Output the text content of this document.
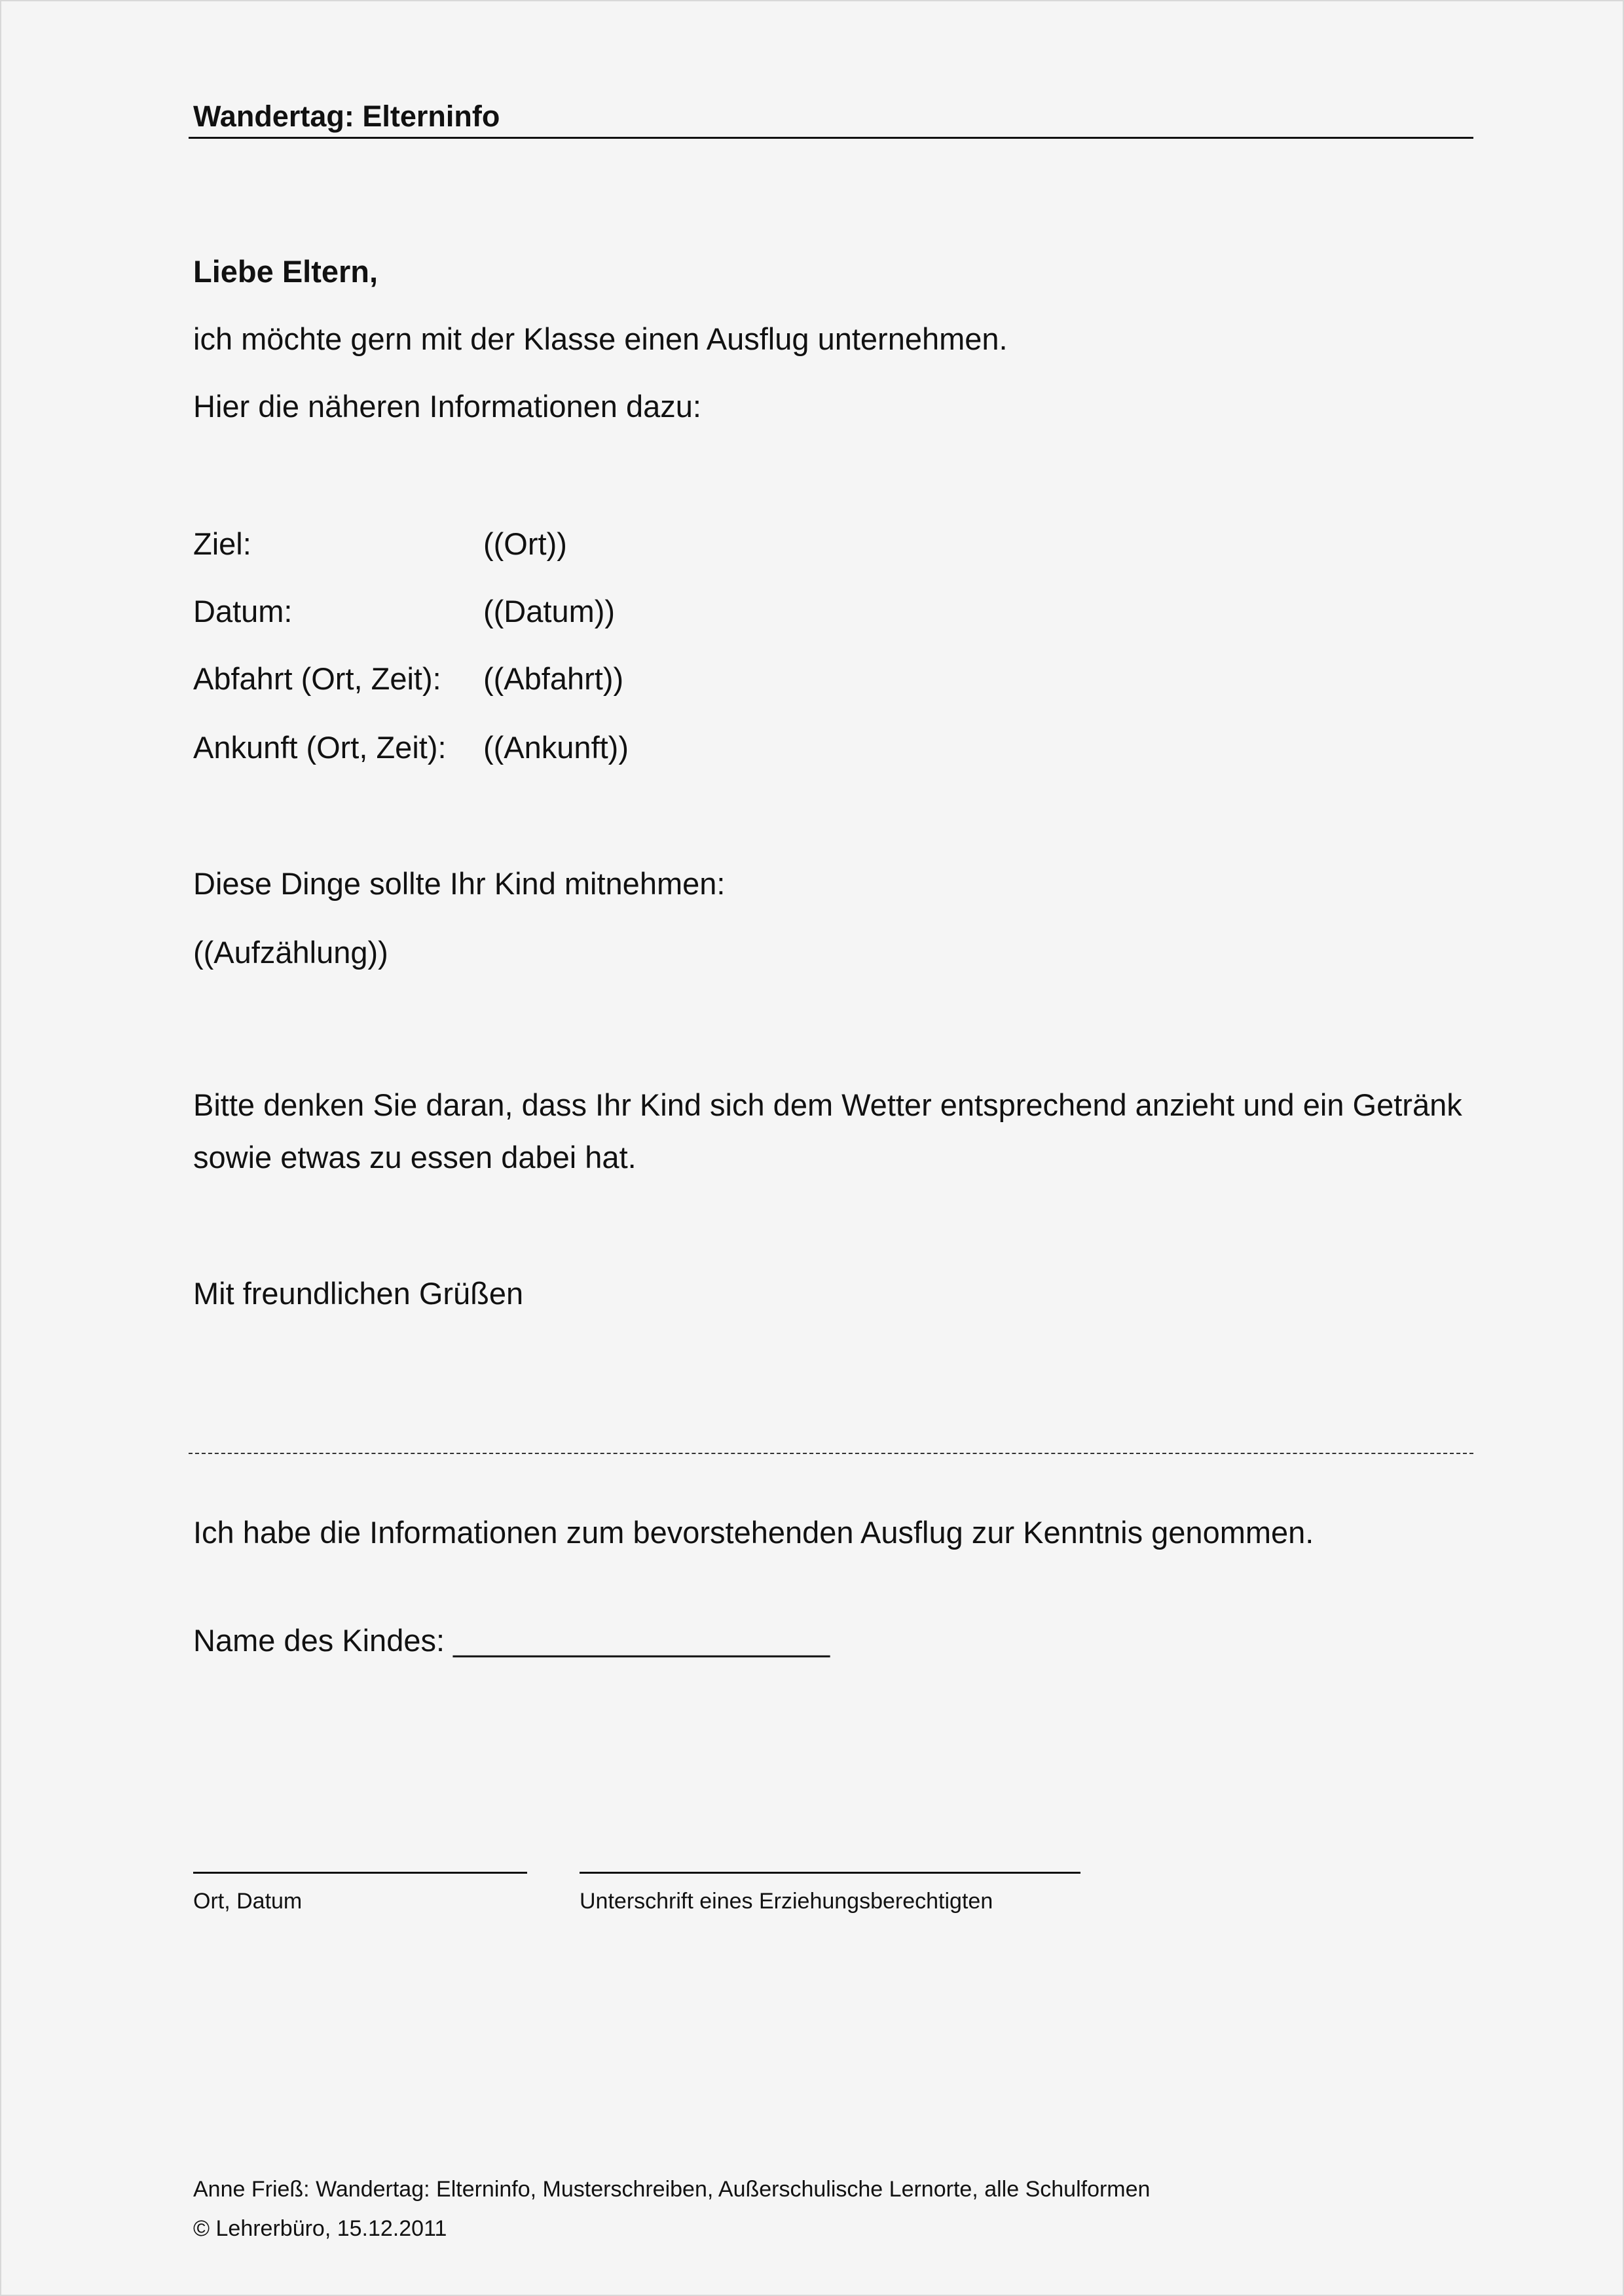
Wandertag: Elterninfo
Liebe Eltern,
ich möchte gern mit der Klasse einen Ausflug unternehmen.
Hier die näheren Informationen dazu:
Ziel:	((Ort))
Datum:	((Datum))
Abfahrt (Ort, Zeit): ((Abfahrt))
Ankunft (Ort, Zeit): ((Ankunft))
Diese Dinge sollte Ihr Kind mitnehmen:
((Aufzählung))
Bitte denken Sie daran, dass Ihr Kind sich dem Wetter entsprechend anzieht und ein Getränk
sowie etwas zu essen dabei hat.
Mit freundlichen Grüßen
Ich habe die Informationen zum bevorstehenden Ausflug zur Kenntnis genommen.
Name des Kindes: ______________________
Ort, Datum	Unterschrift eines Erziehungsberechtigten
Anne Frieß: Wandertag: Elterninfo, Musterschreiben, Außerschulische Lernorte, alle Schulformen
© Lehrerbüro, 15.12.2011
